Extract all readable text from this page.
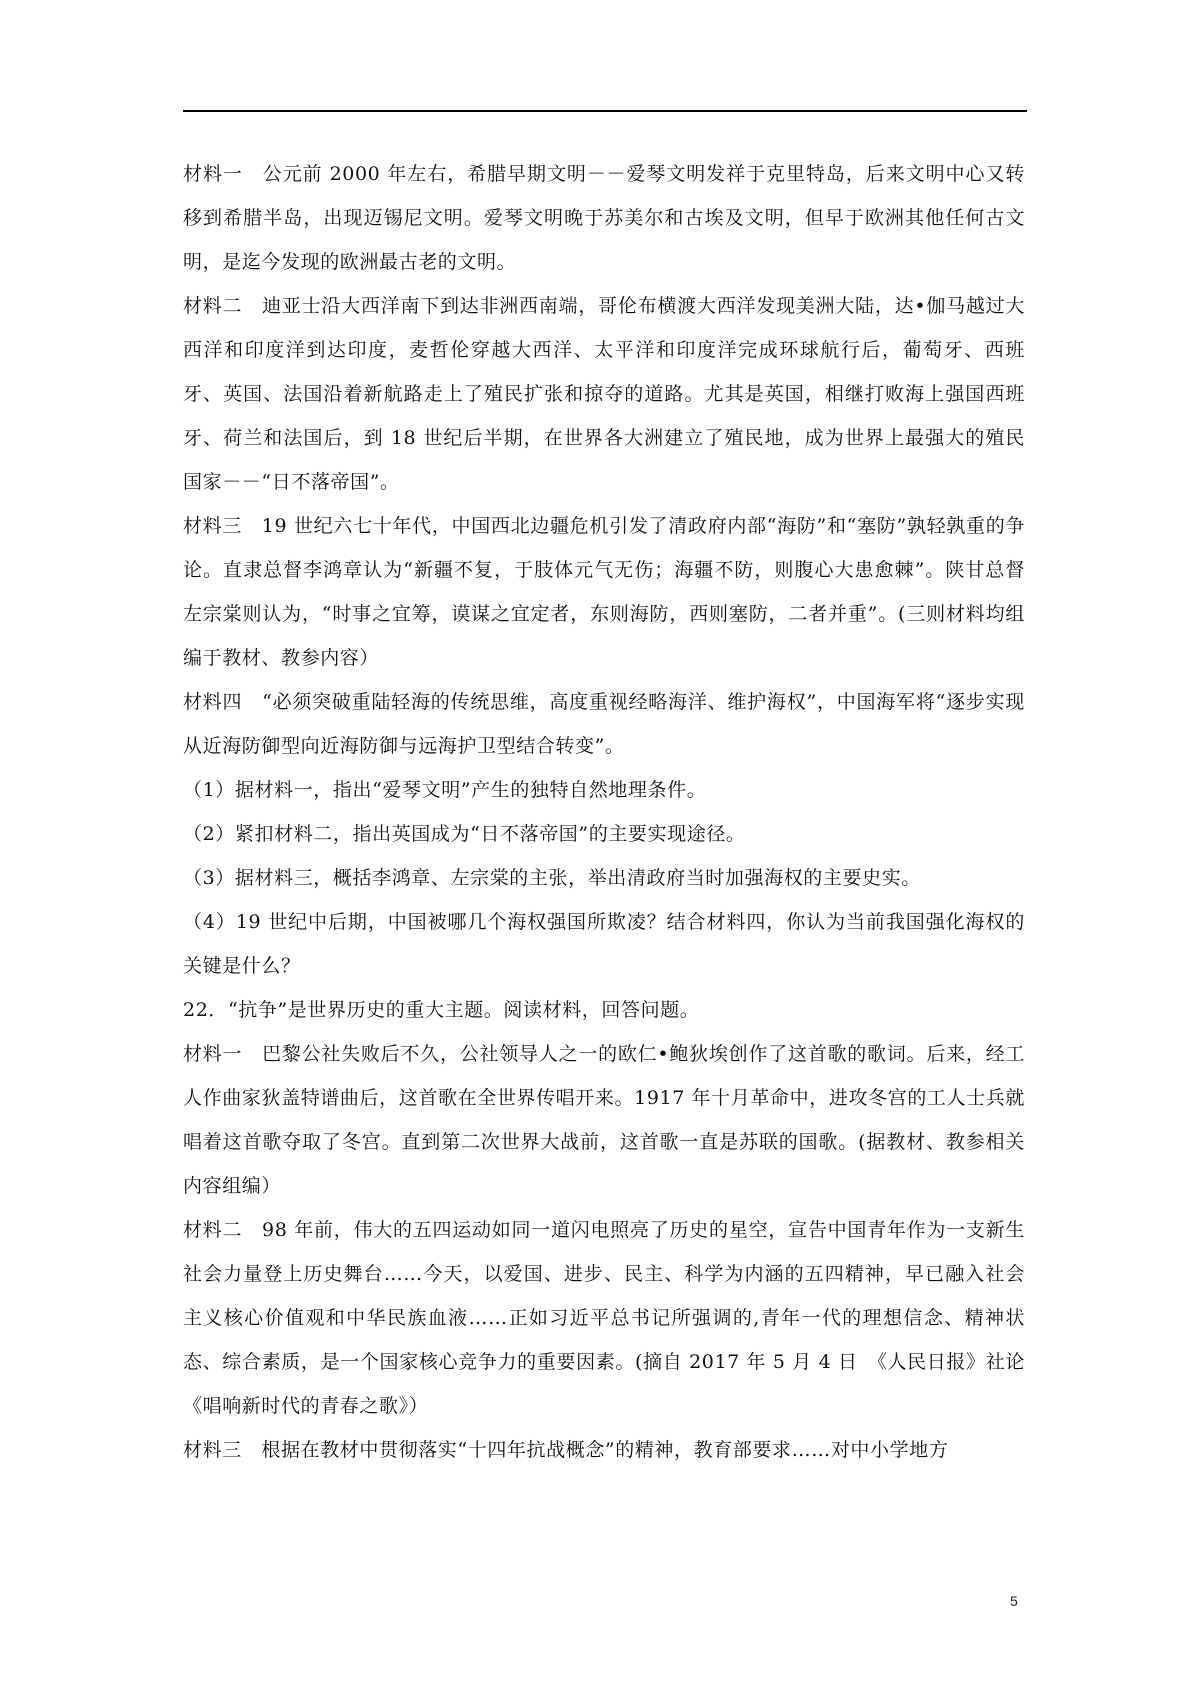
材料一　公元前 2000 年左右，希腊早期文明－－爱琴文明发祥于克里特岛，后来文明中心又转移到希腊半岛，出现迈锡尼文明。爱琴文明晚于苏美尔和古埃及文明，但早于欧洲其他任何古文明，是迄今发现的欧洲最古老的文明。

材料二　迪亚士沿大西洋南下到达非洲西南端，哥伦布横渡大西洋发现美洲大陆，达•伽马越过大西洋和印度洋到达印度，麦哲伦穿越大西洋、太平洋和印度洋完成环球航行后，葡萄牙、西班牙、英国、法国沿着新航路走上了殖民扩张和掠夺的道路。尤其是英国，相继打败海上强国西班牙、荷兰和法国后，到 18 世纪后半期，在世界各大洲建立了殖民地，成为世界上最强大的殖民国家－－“日不落帝国”。

材料三　19 世纪六七十年代，中国西北边疆危机引发了清政府内部“海防”和“塞防”孰轻孰重的争论。直隶总督李鸿章认为“新疆不复，于肢体元气无伤；海疆不防，则腹心大患愈棘”。陕甘总督左宗棠则认为，“时事之宜筹，谟谋之宜定者，东则海防，西则塞防，二者并重”。(三则材料均组编于教材、教参内容）

材料四　“必须突破重陆轻海的传统思维，高度重视经略海洋、维护海权”，中国海军将“逐步实现从近海防御型向近海防御与远海护卫型结合转变”。

（1）据材料一，指出“爱琴文明”产生的独特自然地理条件。

（2）紧扣材料二，指出英国成为“日不落帝国”的主要实现途径。

（3）据材料三，概括李鸿章、左宗棠的主张，举出清政府当时加强海权的主要史实。

（4）19 世纪中后期，中国被哪几个海权强国所欺凌？结合材料四，你认为当前我国强化海权的关键是什么？

22．“抗争”是世界历史的重大主题。阅读材料，回答问题。

材料一　巴黎公社失败后不久，公社领导人之一的欧仁•鲍狄埃创作了这首歌的歌词。后来，经工人作曲家狄盖特谱曲后，这首歌在全世界传唱开来。1917 年十月革命中，进攻冬宫的工人士兵就唱着这首歌夺取了冬宫。直到第二次世界大战前，这首歌一直是苏联的国歌。(据教材、教参相关内容组编）

材料二　98 年前，伟大的五四运动如同一道闪电照亮了历史的星空，宣告中国青年作为一支新生社会力量登上历史舞台……今天，以爱国、进步、民主、科学为内涵的五四精神，早已融入社会主义核心价值观和中华民族血液……正如习近平总书记所强调的,青年一代的理想信念、精神状态、综合素质，是一个国家核心竞争力的重要因素。(摘自 2017 年 5 月 4 日　《人民日报》社论《唱响新时代的青春之歌》）

材料三　根据在教材中贯彻落实“十四年抗战概念”的精神，教育部要求……对中小学地方

5
